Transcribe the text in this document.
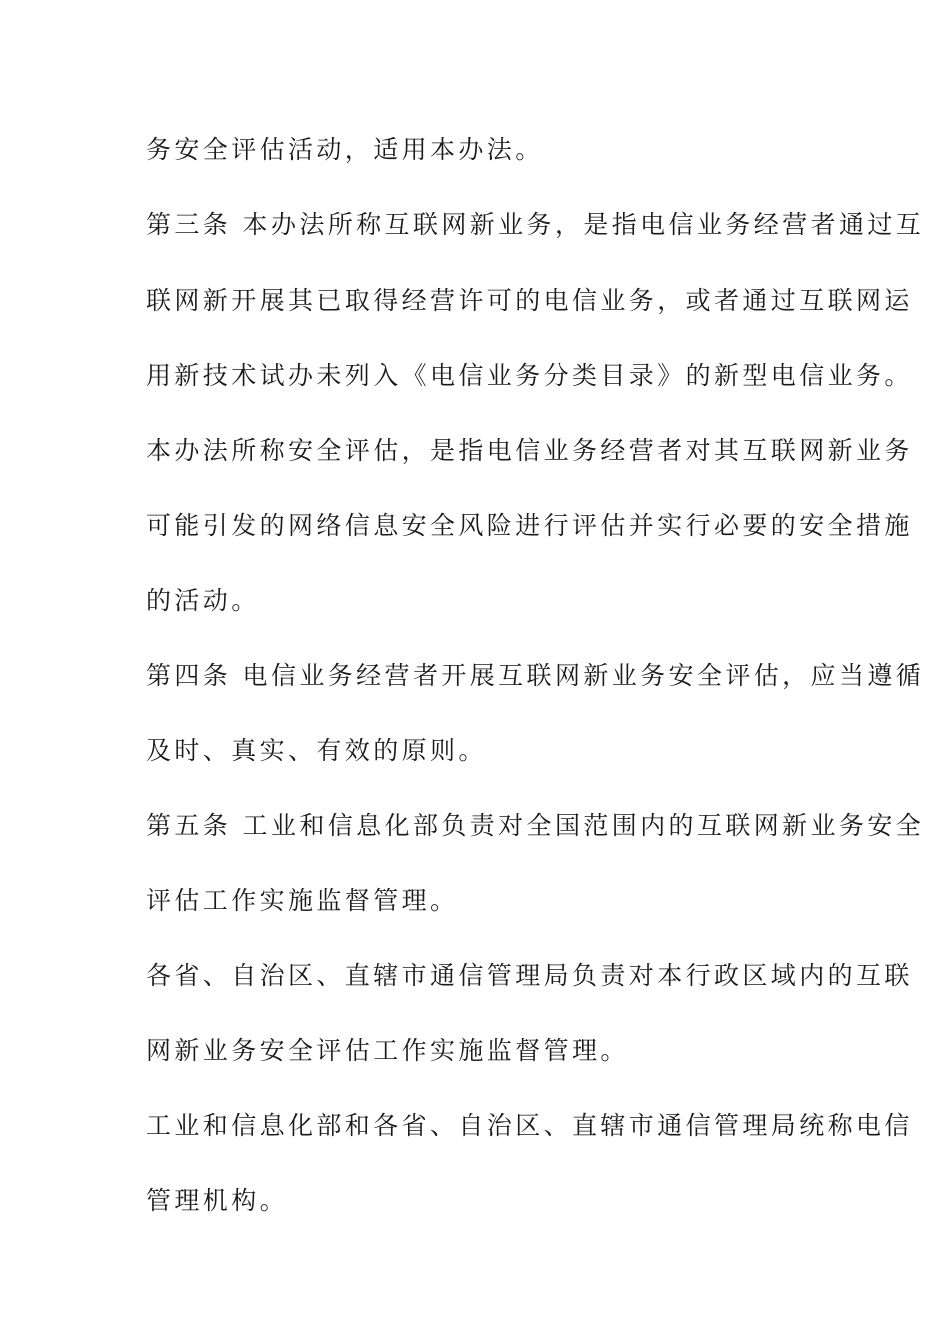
务安全评估活动，适用本办法。
第三条 本办法所称互联网新业务，是指电信业务经营者通过互
联网新开展其已取得经营许可的电信业务，或者通过互联网运
用新技术试办未列入《电信业务分类目录》的新型电信业务。
本办法所称安全评估，是指电信业务经营者对其互联网新业务
可能引发的网络信息安全风险进行评估并实行必要的安全措施
的活动。
第四条 电信业务经营者开展互联网新业务安全评估，应当遵循
及时、真实、有效的原则。
第五条 工业和信息化部负责对全国范围内的互联网新业务安全
评估工作实施监督管理。
各省、自治区、直辖市通信管理局负责对本行政区域内的互联
网新业务安全评估工作实施监督管理。
工业和信息化部和各省、自治区、直辖市通信管理局统称电信
管理机构。
